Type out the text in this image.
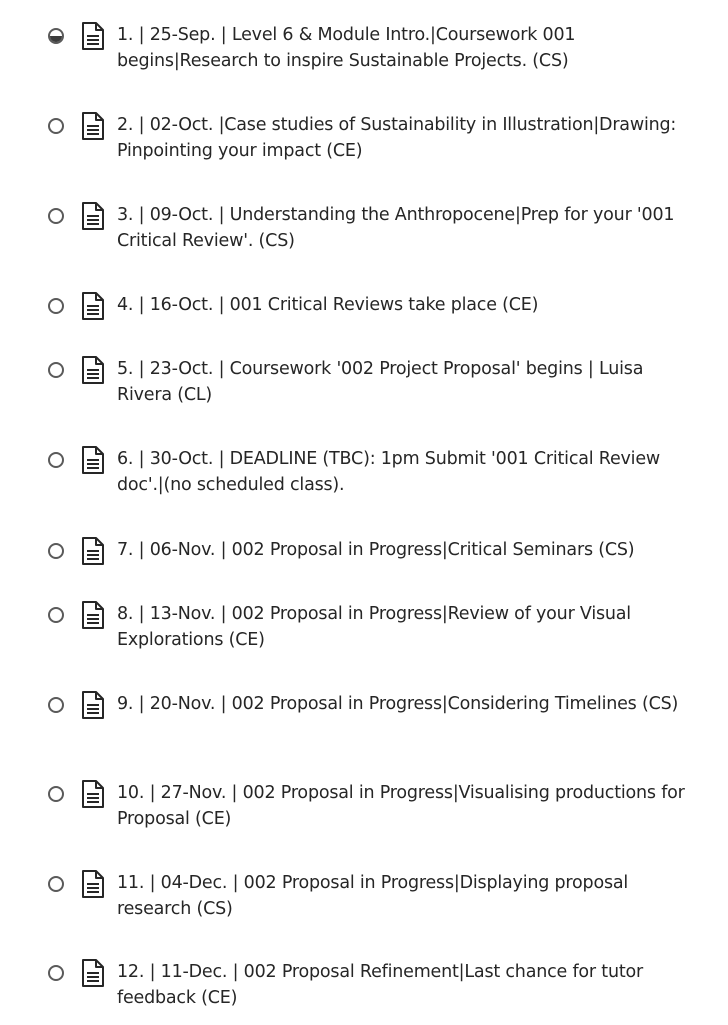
1. | 25-Sep. | Level 6 & Module Intro.|Coursework 001 begins|Research to inspire Sustainable Projects. (CS)
2. | 02-Oct. |Case studies of Sustainability in Illustration|Drawing: Pinpointing your impact (CE)
3. | 09-Oct. | Understanding the Anthropocene|Prep for your '001 Critical Review'. (CS)
4. | 16-Oct. | 001 Critical Reviews take place (CE)
5. | 23-Oct. | Coursework '002 Project Proposal' begins | Luisa Rivera (CL)
6. | 30-Oct. | DEADLINE (TBC): 1pm Submit '001 Critical Review doc'.|(no scheduled class).
7. | 06-Nov. | 002 Proposal in Progress|Critical Seminars (CS)
8. | 13-Nov. | 002 Proposal in Progress|Review of your Visual Explorations (CE)
9. | 20-Nov. | 002 Proposal in Progress|Considering Timelines (CS)
10. | 27-Nov. | 002 Proposal in Progress|Visualising productions for Proposal (CE)
11. | 04-Dec. | 002 Proposal in Progress|Displaying proposal research (CS)
12. | 11-Dec. | 002 Proposal Refinement|Last chance for tutor feedback (CE)
